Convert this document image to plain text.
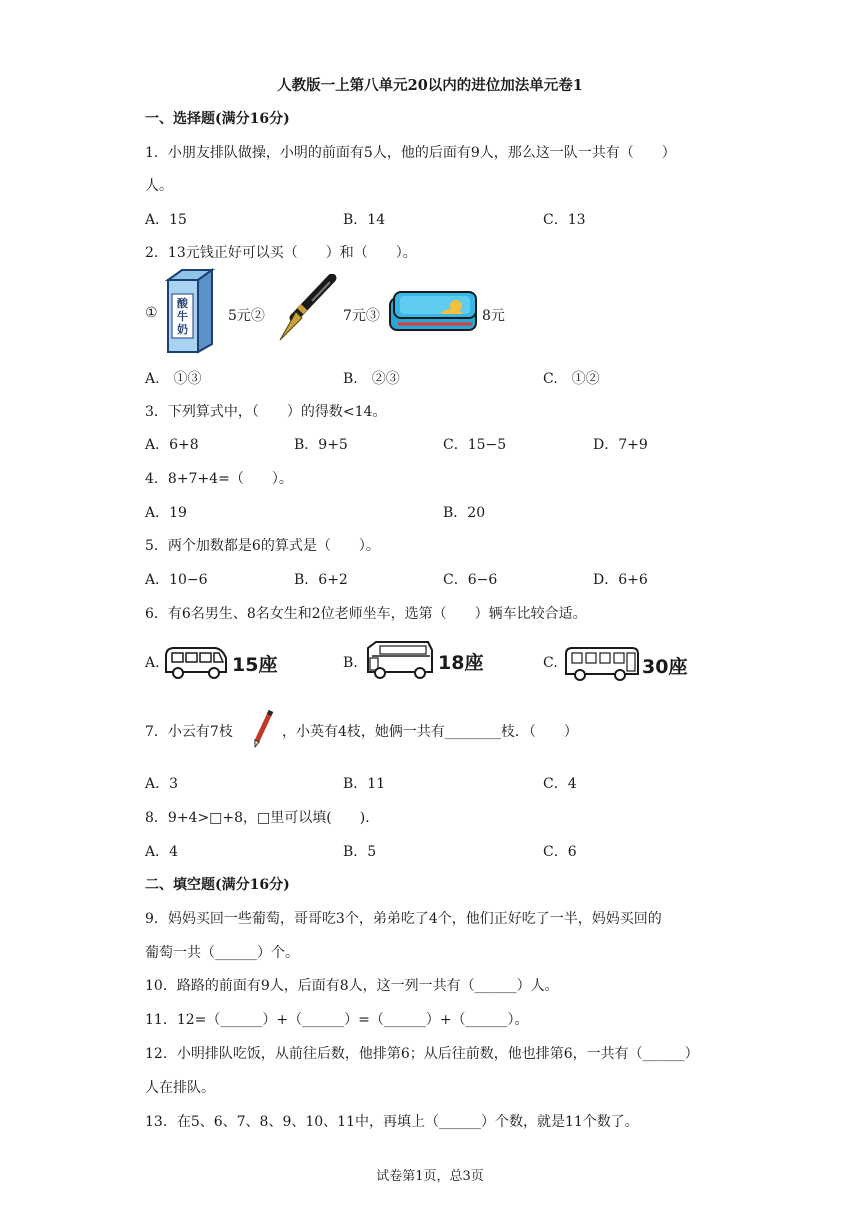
人教版一上第八单元20以内的进位加法单元卷1
一、选择题(满分16分)
1．小朋友排队做操，小明的前面有5人，他的后面有9人，那么这一队一共有（　　）
人。
A．15	B．14	C．13
2．13元钱正好可以买（　　）和（　　）。
①
酸
牛
奶
5元②	7元③	8元
A.　①③	B.　②③	C.　①②
3．下列算式中，（　　）的得数<14。
A．6+8	B．9+5	C．15−5	D．7+9
4．8+7+4=（　　）。
A．19	B．20
5．两个加数都是6的算式是（　　）。
A．10−6	B．6+2	C．6−6	D．6+6
6．有6名男生、8名女生和2位老师坐车，选第（　　）辆车比较合适。
A.	15座	B.	18座	C.	30座
7．小云有7枝	，小英有4枝，她俩一共有________枝．（　　）
A．3	B．11	C．4
8．9+4>□+8，□里可以填(　　)．
A．4	B．5	C．6
二、填空题(满分16分)
9．妈妈买回一些葡萄，哥哥吃3个，弟弟吃了4个，他们正好吃了一半，妈妈买回的
葡萄一共（______）个。
10．路路的前面有9人，后面有8人，这一列一共有（______）人。
11．12=（______）+（______）=（______）+（______）。
12．小明排队吃饭，从前往后数，他排第6；从后往前数，他也排第6，一共有（______）
人在排队。
13．在5、6、7、8、9、10、11中，再填上（______）个数，就是11个数了。
试卷第1页，总3页
